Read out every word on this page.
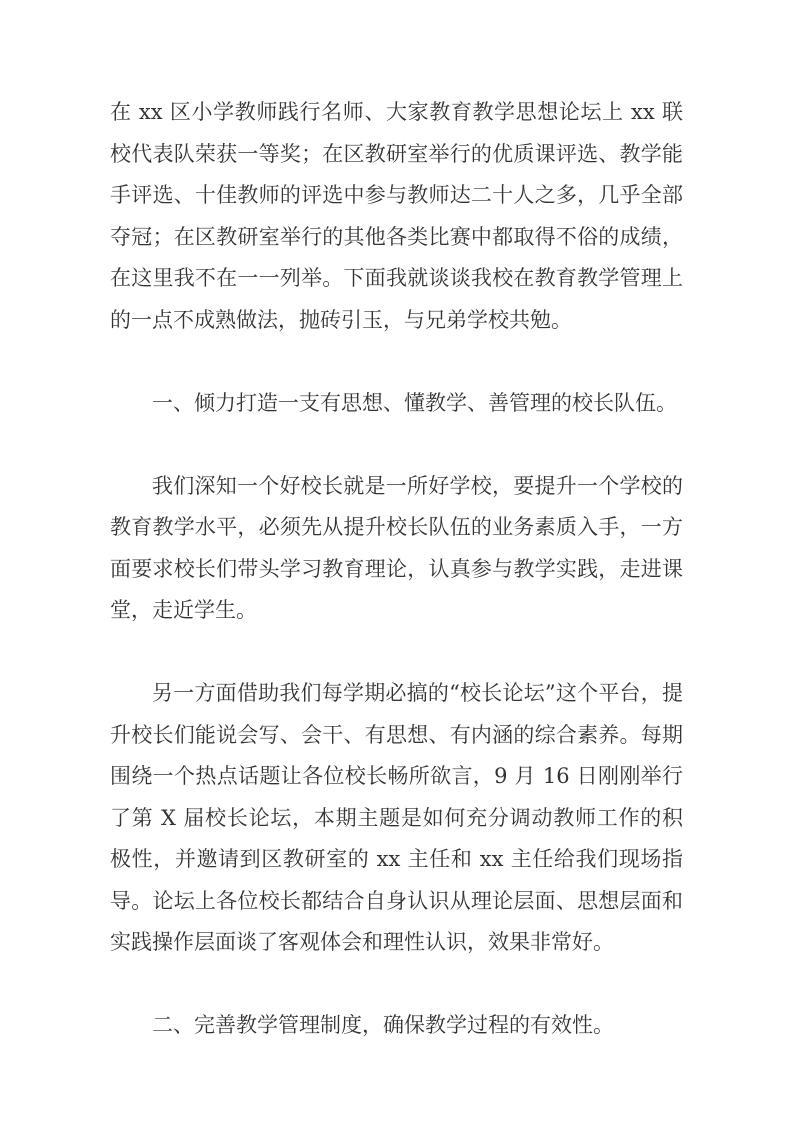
在 xx 区小学教师践行名师、大家教育教学思想论坛上 xx 联校代表队荣获一等奖；在区教研室举行的优质课评选、教学能手评选、十佳教师的评选中参与教师达二十人之多，几乎全部夺冠；在区教研室举行的其他各类比赛中都取得不俗的成绩，在这里我不在一一列举。下面我就谈谈我校在教育教学管理上的一点不成熟做法，抛砖引玉，与兄弟学校共勉。

一、倾力打造一支有思想、懂教学、善管理的校长队伍。

我们深知一个好校长就是一所好学校，要提升一个学校的教育教学水平，必须先从提升校长队伍的业务素质入手，一方面要求校长们带头学习教育理论，认真参与教学实践，走进课堂，走近学生。

另一方面借助我们每学期必搞的“校长论坛”这个平台，提升校长们能说会写、会干、有思想、有内涵的综合素养。每期围绕一个热点话题让各位校长畅所欲言，9 月 16 日刚刚举行了第 X 届校长论坛，本期主题是如何充分调动教师工作的积极性，并邀请到区教研室的 xx 主任和 xx 主任给我们现场指导。论坛上各位校长都结合自身认识从理论层面、思想层面和实践操作层面谈了客观体会和理性认识，效果非常好。

二、完善教学管理制度，确保教学过程的有效性。
